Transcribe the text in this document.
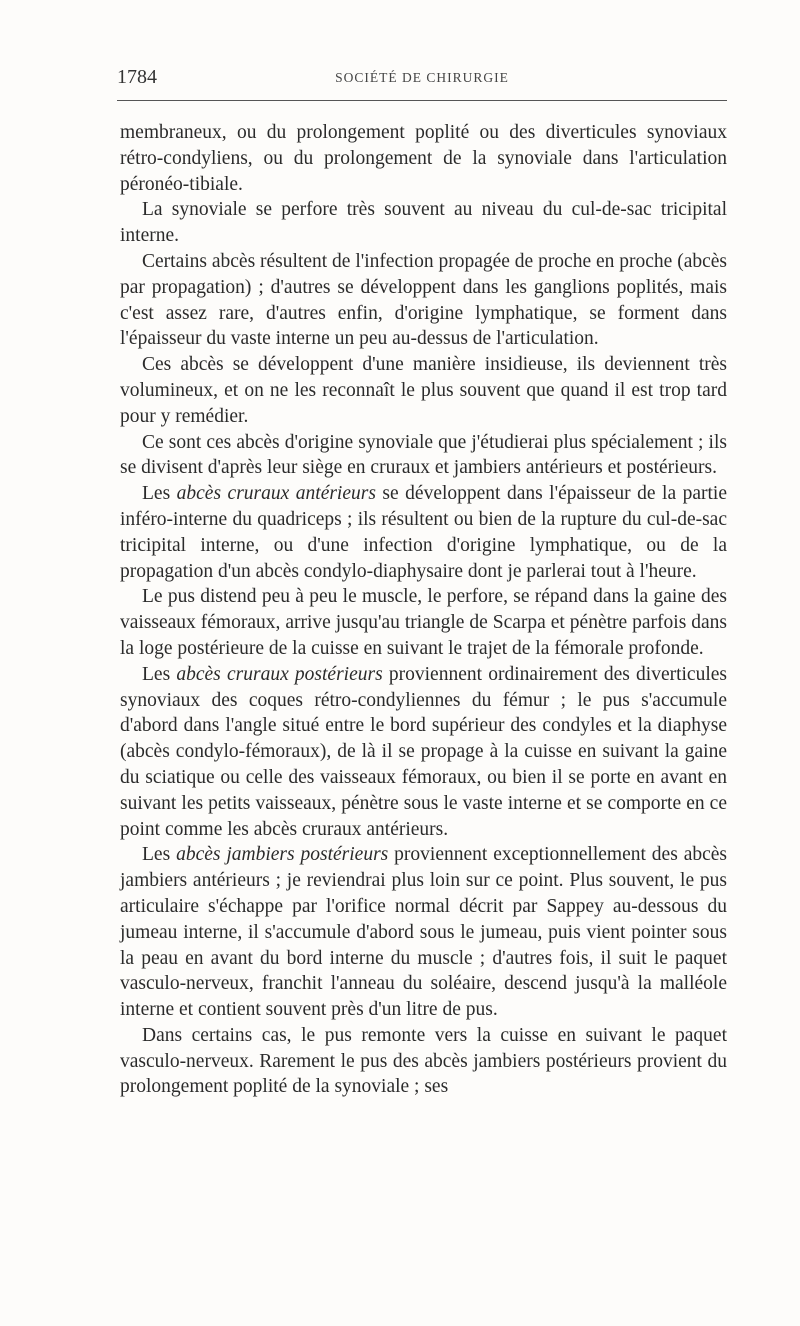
1784	SOCIÉTÉ DE CHIRURGIE

membraneux, ou du prolongement poplité ou des diverticules synoviaux rétro-condyliens, ou du prolongement de la synoviale dans l'articulation péronéo-tibiale.

La synoviale se perfore très souvent au niveau du cul-de-sac tricipital interne.

Certains abcès résultent de l'infection propagée de proche en proche (abcès par propagation) ; d'autres se développent dans les ganglions poplités, mais c'est assez rare, d'autres enfin, d'origine lymphatique, se forment dans l'épaisseur du vaste interne un peu au-dessus de l'articulation.

Ces abcès se développent d'une manière insidieuse, ils deviennent très volumineux, et on ne les reconnaît le plus souvent que quand il est trop tard pour y remédier.

Ce sont ces abcès d'origine synoviale que j'étudierai plus spécialement ; ils se divisent d'après leur siège en cruraux et jambiers antérieurs et postérieurs.

Les abcès cruraux antérieurs se développent dans l'épaisseur de la partie inféro-interne du quadriceps ; ils résultent ou bien de la rupture du cul-de-sac tricipital interne, ou d'une infection d'origine lymphatique, ou de la propagation d'un abcès condylo-diaphysaire dont je parlerai tout à l'heure.

Le pus distend peu à peu le muscle, le perfore, se répand dans la gaine des vaisseaux fémoraux, arrive jusqu'au triangle de Scarpa et pénètre parfois dans la loge postérieure de la cuisse en suivant le trajet de la fémorale profonde.

Les abcès cruraux postérieurs proviennent ordinairement des diverticules synoviaux des coques rétro-condyliennes du fémur ; le pus s'accumule d'abord dans l'angle situé entre le bord supérieur des condyles et la diaphyse (abcès condylo-fémoraux), de là il se propage à la cuisse en suivant la gaine du sciatique ou celle des vaisseaux fémoraux, ou bien il se porte en avant en suivant les petits vaisseaux, pénètre sous le vaste interne et se comporte en ce point comme les abcès cruraux antérieurs.

Les abcès jambiers postérieurs proviennent exceptionnellement des abcès jambiers antérieurs ; je reviendrai plus loin sur ce point. Plus souvent, le pus articulaire s'échappe par l'orifice normal décrit par Sappey au-dessous du jumeau interne, il s'accumule d'abord sous le jumeau, puis vient pointer sous la peau en avant du bord interne du muscle ; d'autres fois, il suit le paquet vasculo-nerveux, franchit l'anneau du soléaire, descend jusqu'à la malléole interne et contient souvent près d'un litre de pus.

Dans certains cas, le pus remonte vers la cuisse en suivant le paquet vasculo-nerveux. Rarement le pus des abcès jambiers postérieurs provient du prolongement poplité de la synoviale ; ses
